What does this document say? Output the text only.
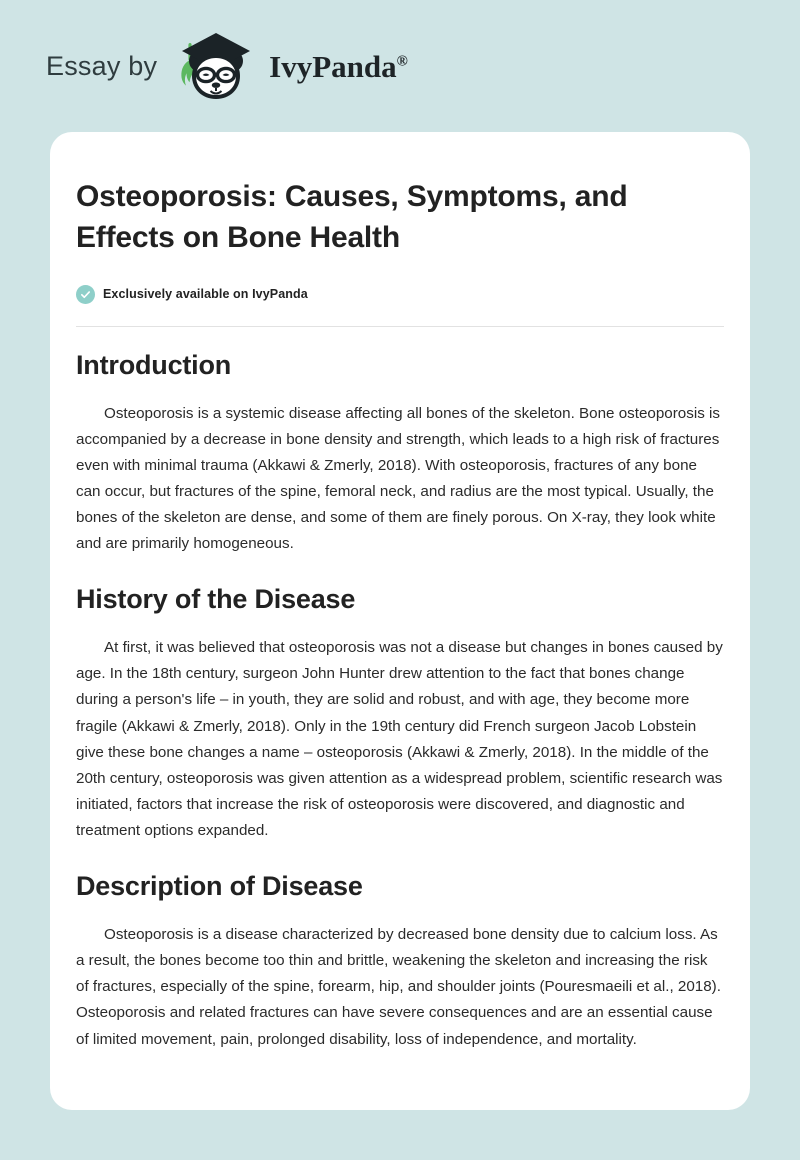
Essay by	IvyPanda®
Osteoporosis: Causes, Symptoms, and Effects on Bone Health
Exclusively available on IvyPanda
Introduction

Osteoporosis is a systemic disease affecting all bones of the skeleton. Bone osteoporosis is accompanied by a decrease in bone density and strength, which leads to a high risk of fractures even with minimal trauma (Akkawi & Zmerly, 2018). With osteoporosis, fractures of any bone can occur, but fractures of the spine, femoral neck, and radius are the most typical. Usually, the bones of the skeleton are dense, and some of them are finely porous. On X-ray, they look white and are primarily homogeneous.

History of the Disease

At first, it was believed that osteoporosis was not a disease but changes in bones caused by age. In the 18th century, surgeon John Hunter drew attention to the fact that bones change during a person's life – in youth, they are solid and robust, and with age, they become more fragile (Akkawi & Zmerly, 2018). Only in the 19th century did French surgeon Jacob Lobstein give these bone changes a name – osteoporosis (Akkawi & Zmerly, 2018). In the middle of the 20th century, osteoporosis was given attention as a widespread problem, scientific research was initiated, factors that increase the risk of osteoporosis were discovered, and diagnostic and treatment options expanded.

Description of Disease

Osteoporosis is a disease characterized by decreased bone density due to calcium loss. As a result, the bones become too thin and brittle, weakening the skeleton and increasing the risk of fractures, especially of the spine, forearm, hip, and shoulder joints (Pouresmaeili et al., 2018). Osteoporosis and related fractures can have severe consequences and are an essential cause of limited movement, pain, prolonged disability, loss of independence, and mortality.
